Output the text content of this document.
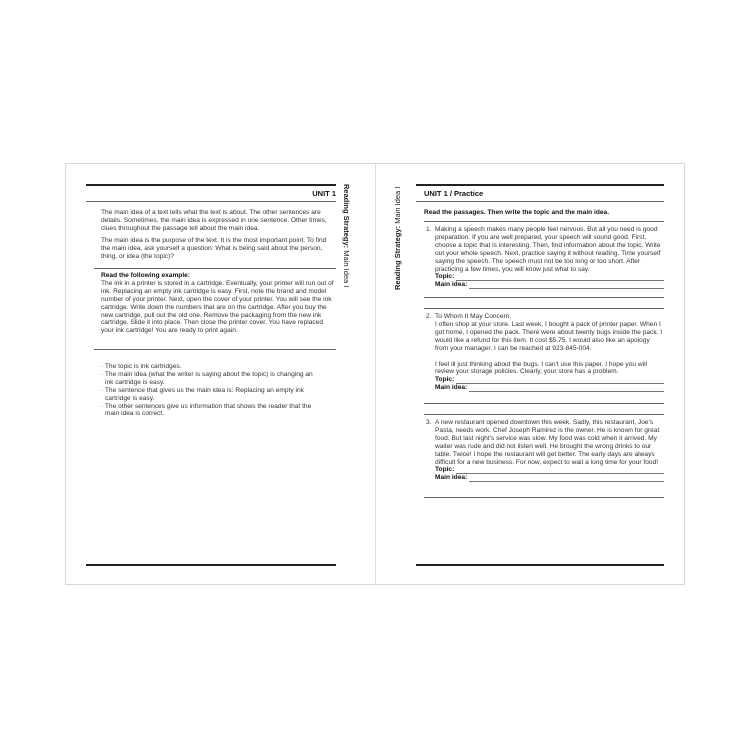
UNIT 1 Reading Strategy: Main Idea I

The main idea of a text tells what the text is about. The other sentences are details. Sometimes, the main idea is expressed in one sentence. Other times, clues throughout the passage tell about the main idea.

The main idea is the purpose of the text. It is the most important point. To find the main idea, ask yourself a question: What is being said about the person, thing, or idea (the topic)?

Read the following example:
The ink in a printer is stored in a cartridge. Eventually, your printer will run out of ink. Replacing an empty ink cartridge is easy. First, note the brand and model number of your printer. Next, open the cover of your printer. You will see the ink cartridge. Write down the numbers that are on the cartridge. After you buy the new cartridge, pull out the old one. Remove the packaging from the new ink cartridge. Slide it into place. Then close the printer cover. You have replaced your ink cartridge! You are ready to print again.
· The topic is ink cartridges.
· The main idea (what the writer is saying about the topic) is changing an ink cartridge is easy.
· The sentence that gives us the main idea is: Replacing an empty ink cartridge is easy.
· The other sentences give us information that shows the reader that the main idea is correct.
Reading Strategy: Main Idea I	UNIT 1 / Practice
Read the passages. Then write the topic and the main idea.
1. Making a speech makes many people feel nervous. But all you need is good preparation. If you are well prepared, your speech will sound good. First, choose a topic that is interesting. Then, find information about the topic. Write out your whole speech. Next, practice saying it without reading. Time yourself saying the speech. The speech must not be too long or too short. After practicing a few times, you will know just what to say.
Topic:
Main idea:
2. To Whom It May Concern,
I often shop at your store. Last week, I bought a pack of printer paper. When I got home, I opened the pack. There were about twenty bugs inside the pack. I would like a refund for this item. It cost $5.75. I would also like an apology from your manager. I can be reached at 923-845-004.
I feel ill just thinking about the bugs. I can't use this paper. I hope you will review your storage policies. Clearly, your store has a problem.
Topic:
Main idea:
3. A new restaurant opened downtown this week. Sadly, this restaurant, Joe's Pasta, needs work. Chef Joseph Ramirez is the owner. He is known for great food. But last night's service was slow. My food was cold when it arrived. My waiter was rude and did not listen well. He brought the wrong drinks to our table. Twice! I hope the restaurant will get better. The early days are always difficult for a new business. For now, expect to wait a long time for your food!
Topic:
Main idea:
